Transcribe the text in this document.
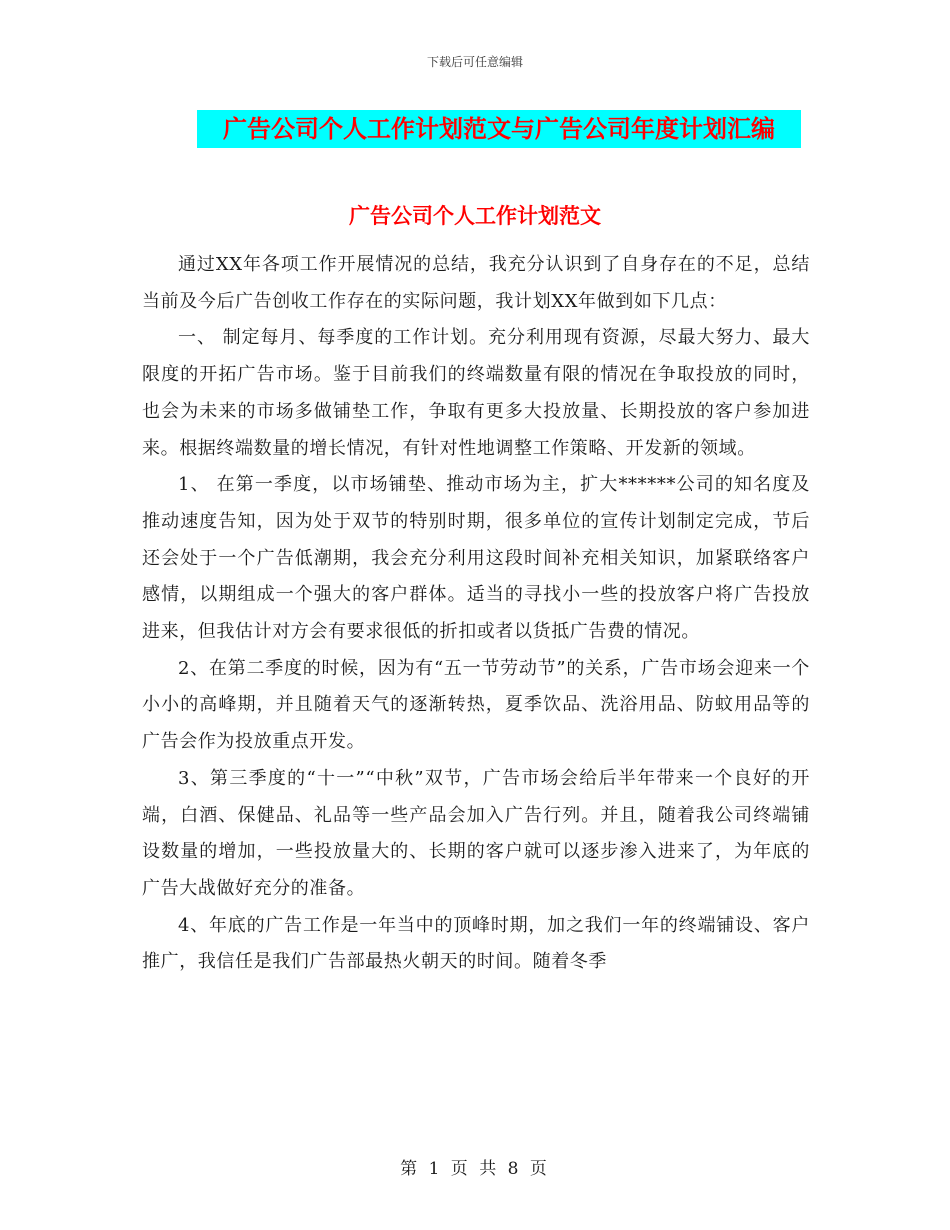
下载后可任意编辑
广告公司个人工作计划范文与广告公司年度计划汇编
广告公司个人工作计划范文

通过XX年各项工作开展情况的总结，我充分认识到了自身存在的不足，总结当前及今后广告创收工作存在的实际问题，我计划XX年做到如下几点：

一、 制定每月、每季度的工作计划。充分利用现有资源，尽最大努力、最大限度的开拓广告市场。鉴于目前我们的终端数量有限的情况在争取投放的同时，也会为未来的市场多做铺垫工作，争取有更多大投放量、长期投放的客户参加进来。根据终端数量的增长情况，有针对性地调整工作策略、开发新的领域。

1、 在第一季度，以市场铺垫、推动市场为主，扩大******公司的知名度及推动速度告知，因为处于双节的特别时期，很多单位的宣传计划制定完成，节后还会处于一个广告低潮期，我会充分利用这段时间补充相关知识，加紧联络客户感情，以期组成一个强大的客户群体。适当的寻找小一些的投放客户将广告投放进来，但我估计对方会有要求很低的折扣或者以货抵广告费的情况。

2、在第二季度的时候，因为有“五一节劳动节”的关系，广告市场会迎来一个小小的高峰期，并且随着天气的逐渐转热，夏季饮品、洗浴用品、防蚊用品等的广告会作为投放重点开发。

3、第三季度的“十一”“中秋”双节，广告市场会给后半年带来一个良好的开端，白酒、保健品、礼品等一些产品会加入广告行列。并且，随着我公司终端铺设数量的增加，一些投放量大的、长期的客户就可以逐步渗入进来了，为年底的广告大战做好充分的准备。

4、年底的广告工作是一年当中的顶峰时期，加之我们一年的终端铺设、客户推广，我信任是我们广告部最热火朝天的时间。随着冬季

第 1 页 共 8 页
